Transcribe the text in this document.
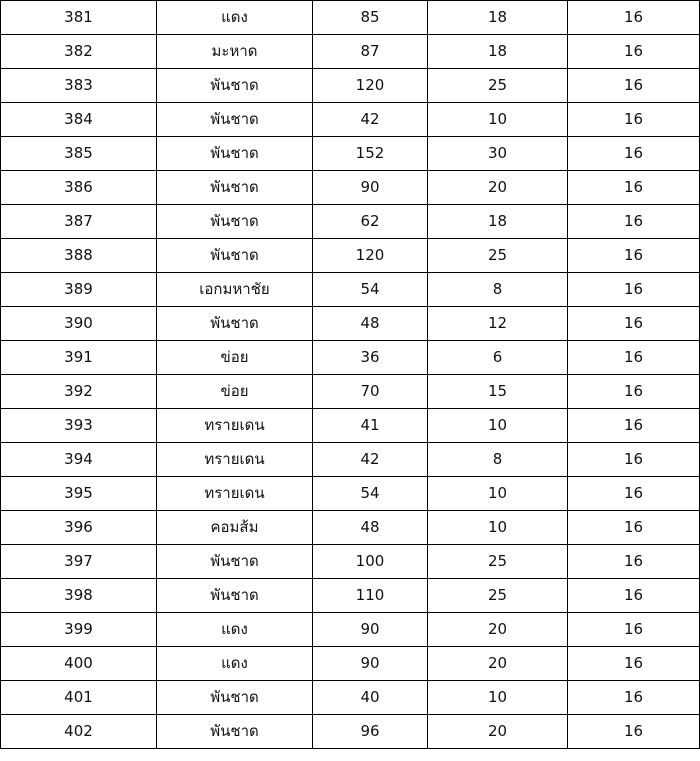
381	แดง	85	18	16
382	มะหาด	87	18	16
383	พันชาด	120	25	16
384	พันชาด	42	10	16
385	พันชาด	152	30	16
386	พันชาด	90	20	16
387	พันชาด	62	18	16
388	พันชาด	120	25	16
389	เอกมหาชัย	54	8	16
390	พันชาด	48	12	16
391	ข่อย	36	6	16
392	ข่อย	70	15	16
393	ทรายเดน	41	10	16
394	ทรายเดน	42	8	16
395	ทรายเดน	54	10	16
396	คอมส้ม	48	10	16
397	พันชาด	100	25	16
398	พันชาด	110	25	16
399	แดง	90	20	16
400	แดง	90	20	16
401	พันชาด	40	10	16
402	พันชาด	96	20	16
